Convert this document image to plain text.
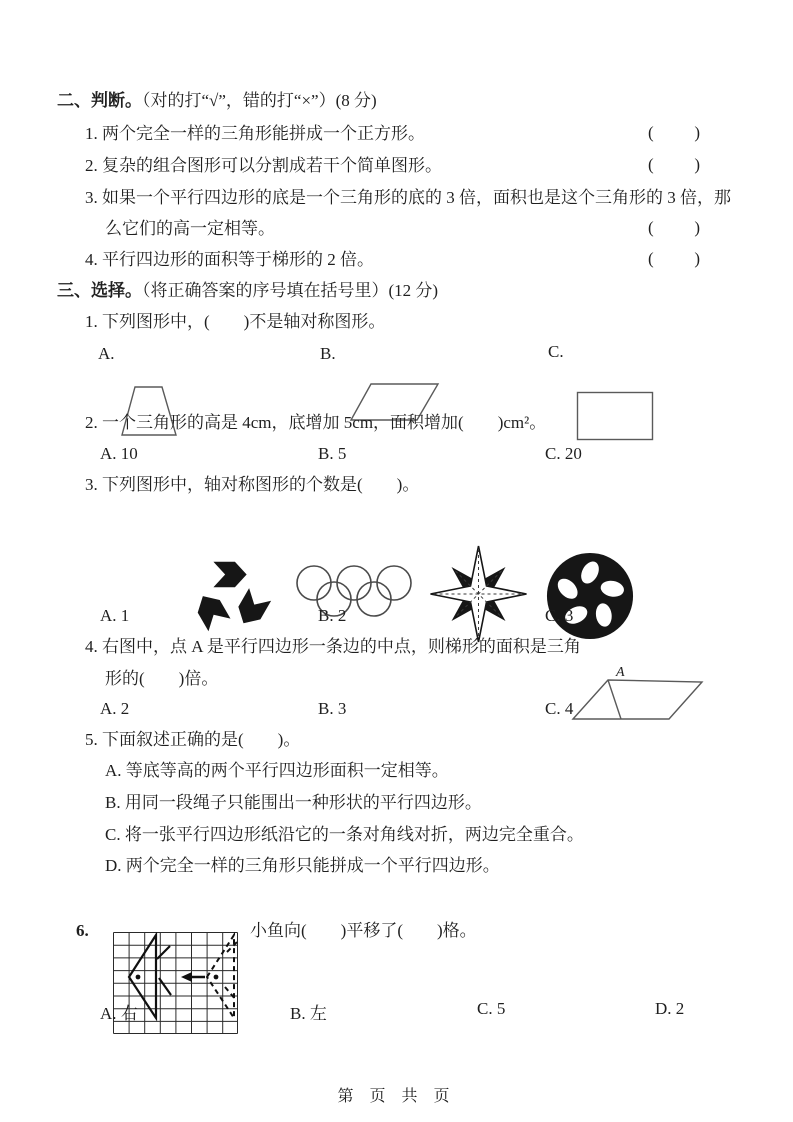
二、判断。（对的打“√”，错的打“×”）(8 分)
1. 两个完全一样的三角形能拼成一个正方形。	( )
2. 复杂的组合图形可以分割成若干个简单图形。	( )
3. 如果一个平行四边形的底是一个三角形的底的 3 倍，面积也是这个三角形的 3 倍，那
么它们的高一定相等。	( )
4. 平行四边形的面积等于梯形的 2 倍。	( )
三、选择。（将正确答案的序号填在括号里）(12 分)
1. 下列图形中，(　　)不是轴对称图形。
A.

	B.

	C.

2. 一个三角形的高是 4cm，底增加 5cm，面积增加(　　)cm²。
A. 10	B. 5	C. 20
3. 下列图形中，轴对称图形的个数是(　　)。

A. 1	B. 2	C. 3
4. 右图中，点 A 是平行四边形一条边的中点，则梯形的面积是三角
形的(　　)倍。

	A

A. 2	B. 3	C. 4
5. 下面叙述正确的是(　　)。
A. 等底等高的两个平行四边形面积一定相等。
B. 用同一段绳子只能围出一种形状的平行四边形。
C. 将一张平行四边形纸沿它的一条对角线对折，两边完全重合。
D. 两个完全一样的三角形只能拼成一个平行四边形。
6.

	小鱼向(　　)平移了(　　)格。
A. 右	B. 左	C. 5	D. 2
第 页 共 页
